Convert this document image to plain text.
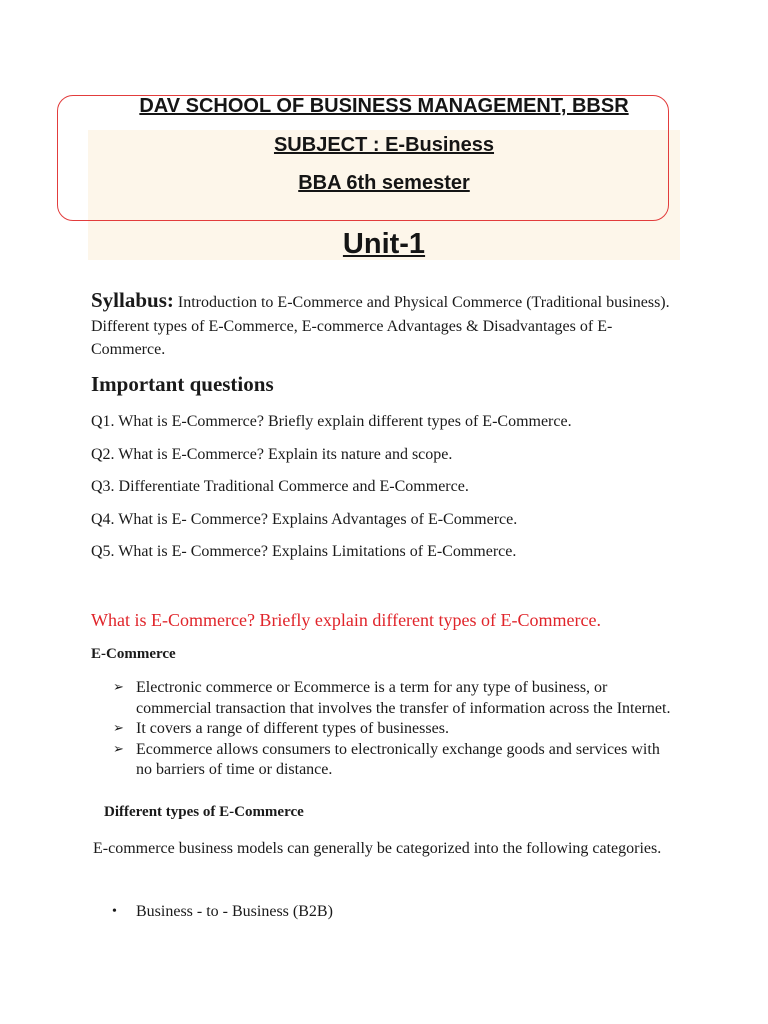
DAV SCHOOL OF BUSINESS MANAGEMENT, BBSR
SUBJECT : E-Business
BBA 6th semester
Unit-1
Syllabus: Introduction to E-Commerce and Physical Commerce (Traditional business). Different types of E-Commerce, E-commerce Advantages & Disadvantages of E-Commerce.
Important questions
Q1. What is E-Commerce? Briefly explain different types of E-Commerce.
Q2. What is E-Commerce? Explain its nature and scope.
Q3. Differentiate Traditional Commerce and E-Commerce.
Q4. What is E- Commerce? Explains Advantages of E-Commerce.
Q5. What is E- Commerce? Explains Limitations of E-Commerce.
What is E-Commerce? Briefly explain different types of E-Commerce.
E-Commerce
➢ Electronic commerce or Ecommerce is a term for any type of business, or commercial transaction that involves the transfer of information across the Internet.
➢ It covers a range of different types of businesses.
➢ Ecommerce allows consumers to electronically exchange goods and services with no barriers of time or distance.
Different types of E-Commerce
E-commerce business models can generally be categorized into the following categories.
• Business - to - Business (B2B)
